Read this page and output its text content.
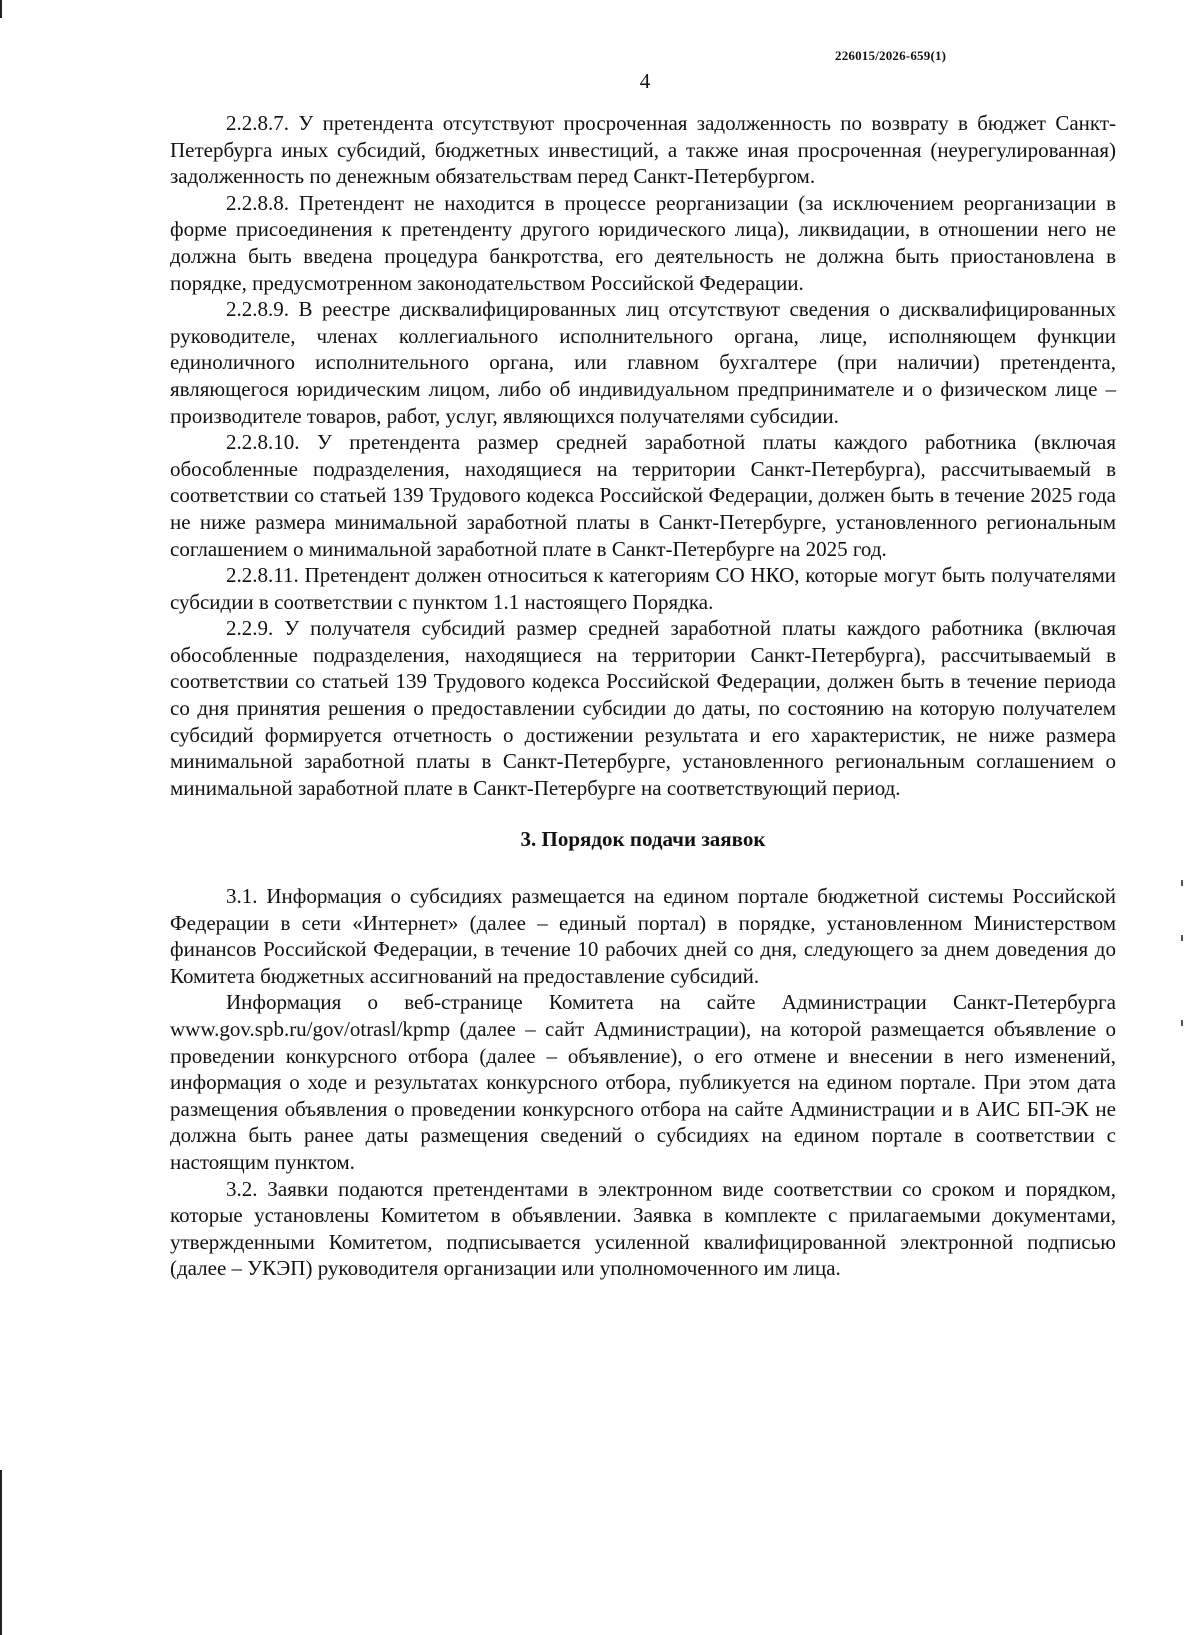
226015/2026-659(1)
4

2.2.8.7. У претендента отсутствуют просроченная задолженность по возврату в бюджет Санкт-Петербурга иных субсидий, бюджетных инвестиций, а также иная просроченная (неурегулированная) задолженность по денежным обязательствам перед Санкт-Петербургом.

2.2.8.8. Претендент не находится в процессе реорганизации (за исключением реорганизации в форме присоединения к претенденту другого юридического лица), ликвидации, в отношении него не должна быть введена процедура банкротства, его деятельность не должна быть приостановлена в порядке, предусмотренном законодательством Российской Федерации.

2.2.8.9. В реестре дисквалифицированных лиц отсутствуют сведения о дисквалифицированных руководителе, членах коллегиального исполнительного органа, лице, исполняющем функции единоличного исполнительного органа, или главном бухгалтере (при наличии) претендента, являющегося юридическим лицом, либо об индивидуальном предпринимателе и о физическом лице – производителе товаров, работ, услуг, являющихся получателями субсидии.

2.2.8.10. У претендента размер средней заработной платы каждого работника (включая обособленные подразделения, находящиеся на территории Санкт-Петербурга), рассчитываемый в соответствии со статьей 139 Трудового кодекса Российской Федерации, должен быть в течение 2025 года не ниже размера минимальной заработной платы в Санкт-Петербурге, установленного региональным соглашением о минимальной заработной плате в Санкт-Петербурге на 2025 год.

2.2.8.11. Претендент должен относиться к категориям СО НКО, которые могут быть получателями субсидии в соответствии с пунктом 1.1 настоящего Порядка.

2.2.9. У получателя субсидий размер средней заработной платы каждого работника (включая обособленные подразделения, находящиеся на территории Санкт-Петербурга), рассчитываемый в соответствии со статьей 139 Трудового кодекса Российской Федерации, должен быть в течение периода со дня принятия решения о предоставлении субсидии до даты, по состоянию на которую получателем субсидий формируется отчетность о достижении результата и его характеристик, не ниже размера минимальной заработной платы в Санкт-Петербурге, установленного региональным соглашением о минимальной заработной плате в Санкт-Петербурге на соответствующий период.

3. Порядок подачи заявок

3.1. Информация о субсидиях размещается на едином портале бюджетной системы Российской Федерации в сети «Интернет» (далее – единый портал) в порядке, установленном Министерством финансов Российской Федерации, в течение 10 рабочих дней со дня, следующего за днем доведения до Комитета бюджетных ассигнований на предоставление субсидий.

Информация о веб-странице Комитета на сайте Администрации Санкт-Петербурга www.gov.spb.ru/gov/otrasl/kpmp (далее – сайт Администрации), на которой размещается объявление о проведении конкурсного отбора (далее – объявление), о его отмене и внесении в него изменений, информация о ходе и результатах конкурсного отбора, публикуется на едином портале. При этом дата размещения объявления о проведении конкурсного отбора на сайте Администрации и в АИС БП-ЭК не должна быть ранее даты размещения сведений о субсидиях на едином портале в соответствии с настоящим пунктом.

3.2. Заявки подаются претендентами в электронном виде соответствии со сроком и порядком, которые установлены Комитетом в объявлении. Заявка в комплекте с прилагаемыми документами, утвержденными Комитетом, подписывается усиленной квалифицированной электронной подписью (далее – УКЭП) руководителя организации или уполномоченного им лица.
